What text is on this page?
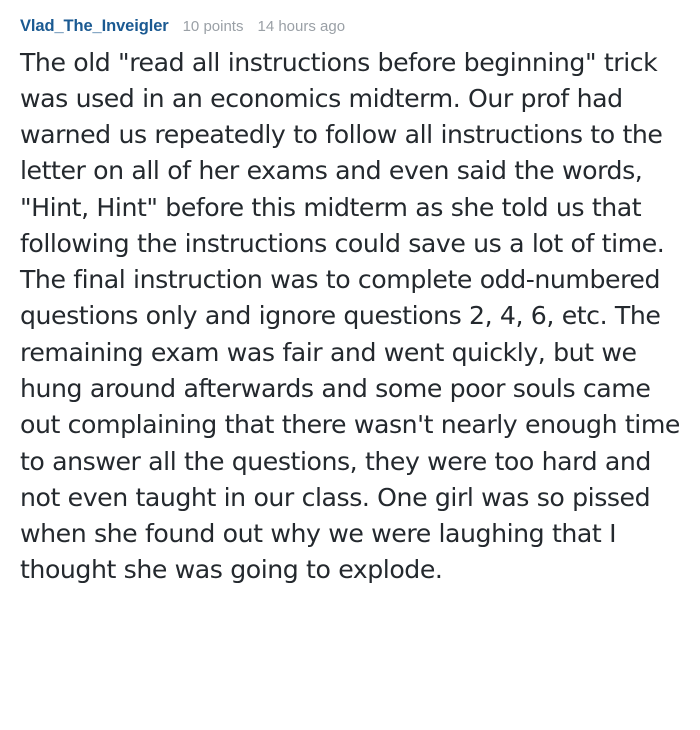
Vlad_The_Inveigler 10 points 14 hours ago
The old "read all instructions before beginning" trick was used in an economics midterm. Our prof had warned us repeatedly to follow all instructions to the letter on all of her exams and even said the words, "Hint, Hint" before this midterm as she told us that following the instructions could save us a lot of time. The final instruction was to complete odd-numbered questions only and ignore questions 2, 4, 6, etc. The remaining exam was fair and went quickly, but we hung around afterwards and some poor souls came out complaining that there wasn't nearly enough time to answer all the questions, they were too hard and not even taught in our class. One girl was so pissed when she found out why we were laughing that I thought she was going to explode.
